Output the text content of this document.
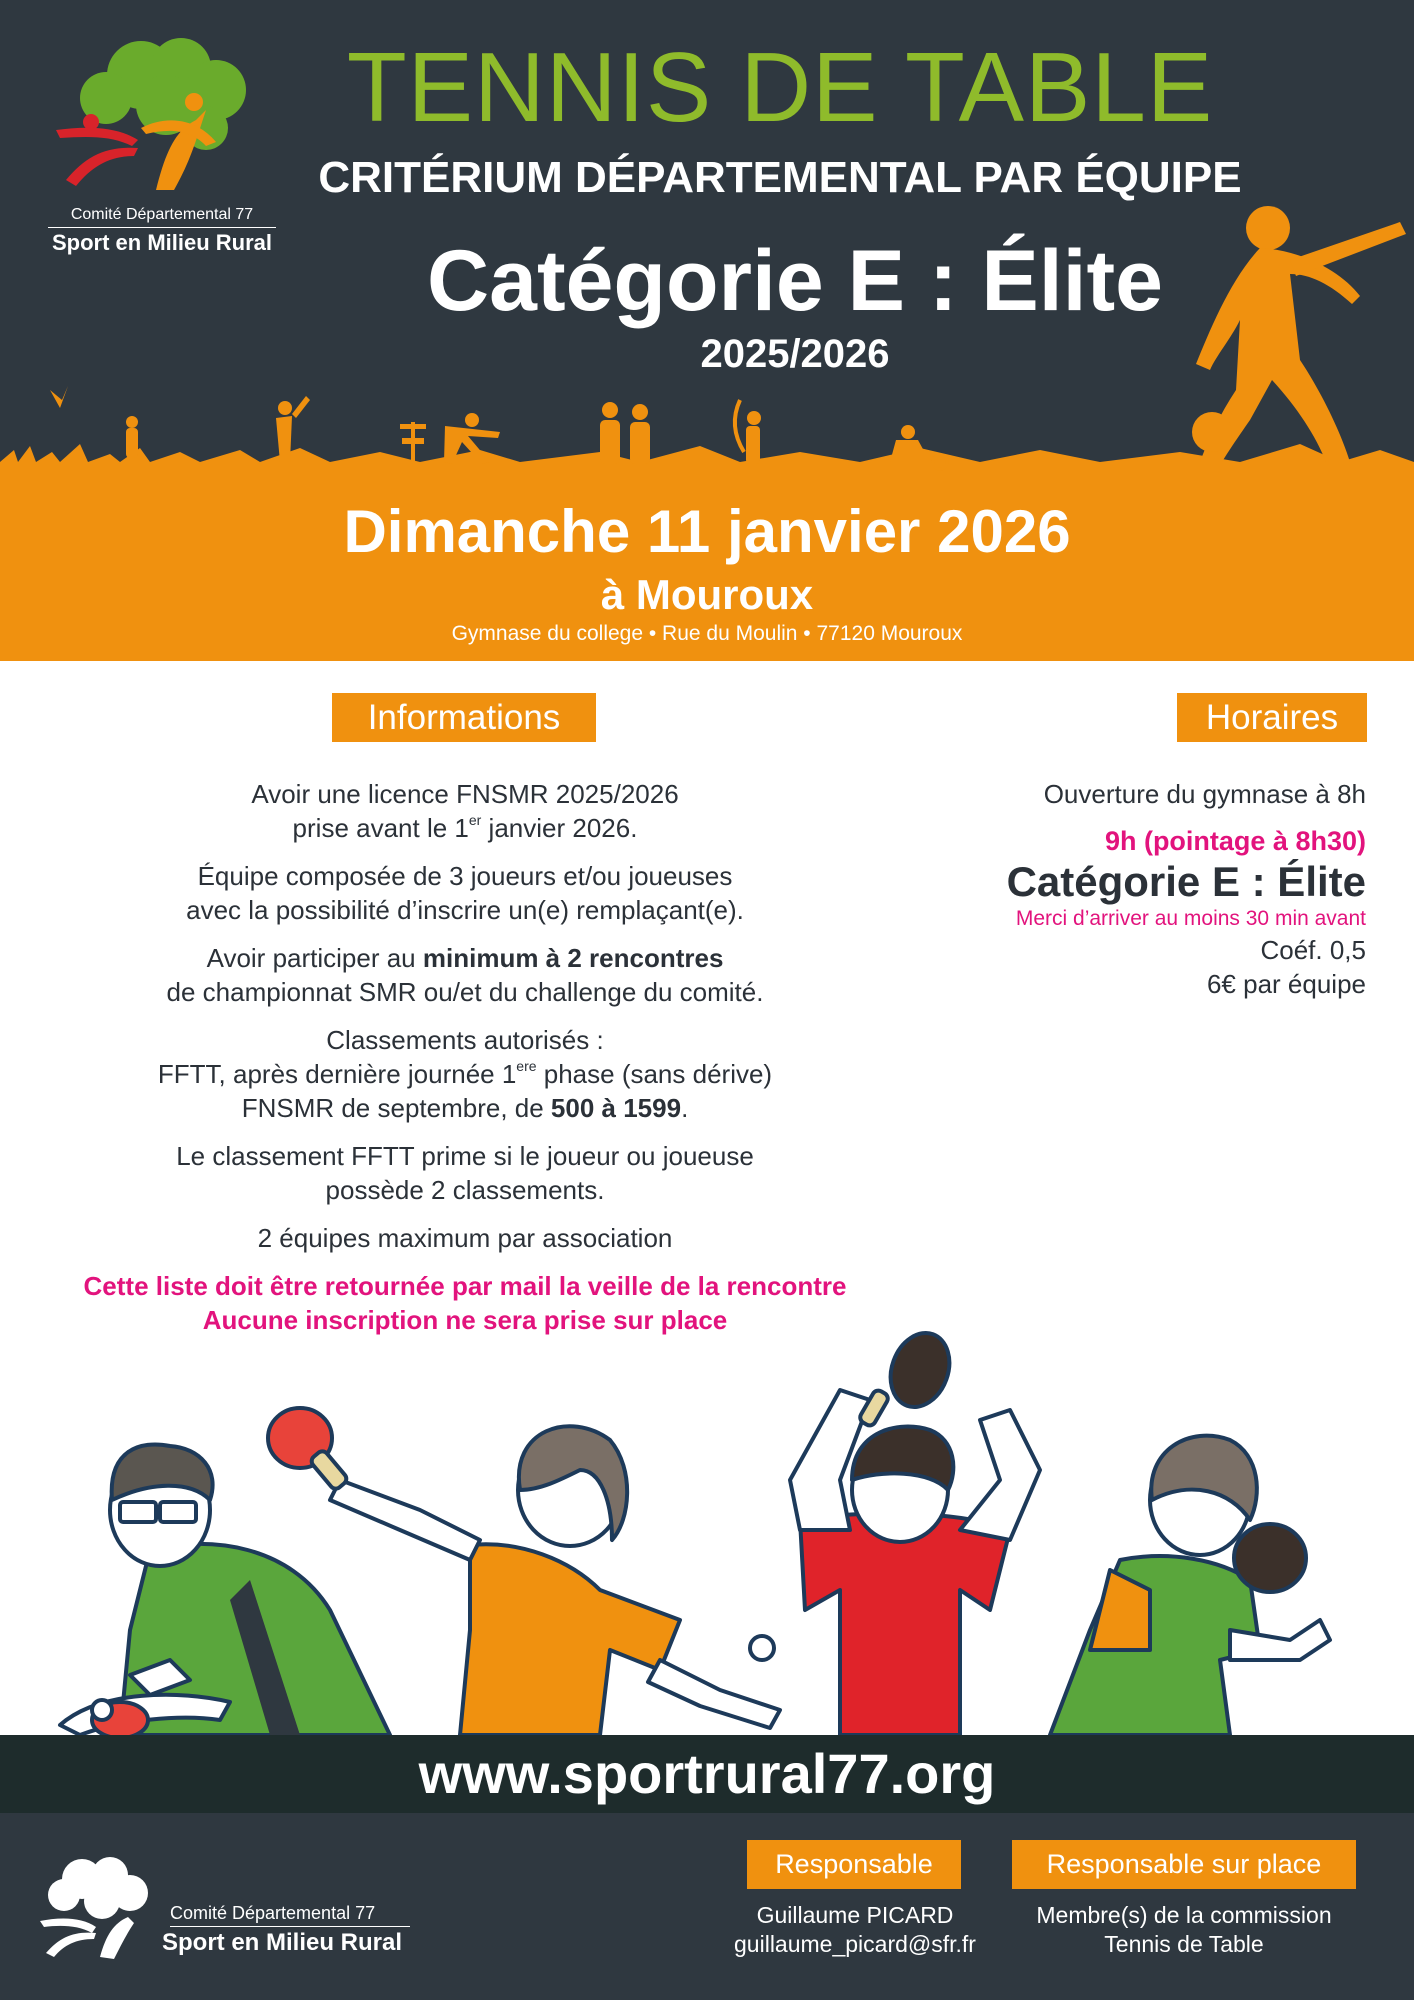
Comité Départemental 77
Sport en Milieu Rural
TENNIS DE TABLE
CRITÉRIUM DÉPARTEMENTAL PAR ÉQUIPE
Catégorie E : Élite
2025/2026
Dimanche 11 janvier 2026
à Mouroux
Gymnase du college • Rue du Moulin • 77120 Mouroux
Informations	Horaires

Avoir une licence FNSMR 2025/2026

prise avant le 1er janvier 2026.

Équipe composée de 3 joueurs et/ou joueuses

avec la possibilité d’inscrire un(e) remplaçant(e).

Avoir participer au minimum à 2 rencontres

de championnat SMR ou/et du challenge du comité.

Classements autorisés :

FFTT, après dernière journée 1ere phase (sans dérive)

FNSMR de septembre, de 500 à 1599.

Le classement FFTT prime si le joueur ou joueuse

possède 2 classements.

2 équipes maximum par association

Cette liste doit être retournée par mail la veille de la rencontre

Aucune inscription ne sera prise sur place

Ouverture du gymnase à 8h
9h (pointage à 8h30)
Catégorie E : Élite
Merci d’arriver au moins 30 min avant
Coéf. 0,5
6€ par équipe
www.sportrural77.org
Comité Départemental 77
Sport en Milieu Rural
Responsable
Guillaume PICARD
guillaume_picard@sfr.fr
Responsable sur place
Membre(s) de la commission
Tennis de Table
